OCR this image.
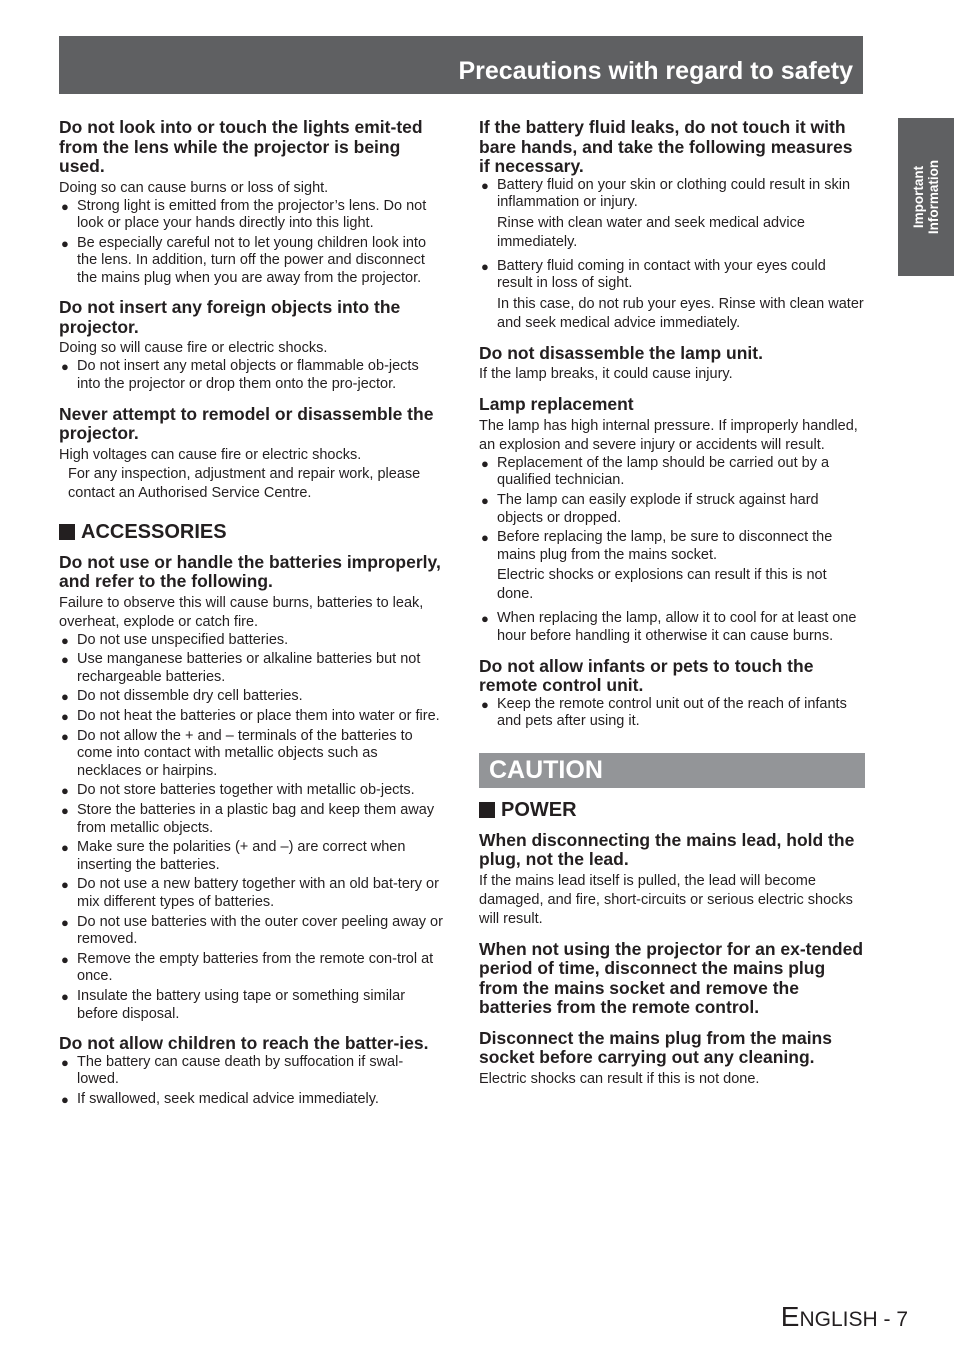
Precautions with regard to safety
Important Information

Do not look into or touch the lights emit-ted from the lens while the projector is being used.

Doing so can cause burns or loss of sight.

● Strong light is emitted from the projector’s lens. Do not look or place your hands directly into this light.
● Be especially careful not to let young children look into the lens. In addition, turn off the power and disconnect the mains plug when you are away from the projector.

Do not insert any foreign objects into the projector.

Doing so will cause fire or electric shocks.

● Do not insert any metal objects or flammable ob-jects into the projector or drop them onto the pro-jector.

Never attempt to remodel or disassemble the projector.

High voltages can cause fire or electric shocks.

For any inspection, adjustment and repair work, please contact an Authorised Service Centre.

ACCESSORIES

Do not use or handle the batteries improperly, and refer to the following.

Failure to observe this will cause burns, batteries to leak, overheat, explode or catch fire.

● Do not use unspecified batteries.
● Use manganese batteries or alkaline batteries but not rechargeable batteries.
● Do not dissemble dry cell batteries.
● Do not heat the batteries or place them into water or fire.
● Do not allow the + and – terminals of the batteries to come into contact with metallic objects such as necklaces or hairpins.
● Do not store batteries together with metallic ob-jects.
● Store the batteries in a plastic bag and keep them away from metallic objects.
● Make sure the polarities (+ and –) are correct when inserting the batteries.
● Do not use a new battery together with an old bat-tery or mix different types of batteries.
● Do not use batteries with the outer cover peeling away or removed.
● Remove the empty batteries from the remote con-trol at once.
● Insulate the battery using tape or something similar before disposal.

Do not allow children to reach the batter-ies.

● The battery can cause death by suffocation if swal-lowed.
● If swallowed, seek medical advice immediately.

If the battery fluid leaks, do not touch it with bare hands, and take the following measures if necessary.

● Battery fluid on your skin or clothing could result in skin inflammation or injury.
Rinse with clean water and seek medical advice immediately.
● Battery fluid coming in contact with your eyes could result in loss of sight.
In this case, do not rub your eyes. Rinse with clean water and seek medical advice immediately.

Do not disassemble the lamp unit.

If the lamp breaks, it could cause injury.

Lamp replacement

The lamp has high internal pressure. If improperly handled, an explosion and severe injury or accidents will result.

● Replacement of the lamp should be carried out by a qualified technician.
● The lamp can easily explode if struck against hard objects or dropped.
● Before replacing the lamp, be sure to disconnect the mains plug from the mains socket.
Electric shocks or explosions can result if this is not done.
● When replacing the lamp, allow it to cool for at least one hour before handling it otherwise it can cause burns.

Do not allow infants or pets to touch the remote control unit.

● Keep the remote control unit out of the reach of infants and pets after using it.
CAUTION
POWER

When disconnecting the mains lead, hold the plug, not the lead.

If the mains lead itself is pulled, the lead will become damaged, and fire, short-circuits or serious electric shocks will result.

When not using the projector for an ex-tended period of time, disconnect the mains plug from the mains socket and remove the batteries from the remote control.

Disconnect the mains plug from the mains socket before carrying out any cleaning.

Electric shocks can result if this is not done.

ENGLISH - 7
